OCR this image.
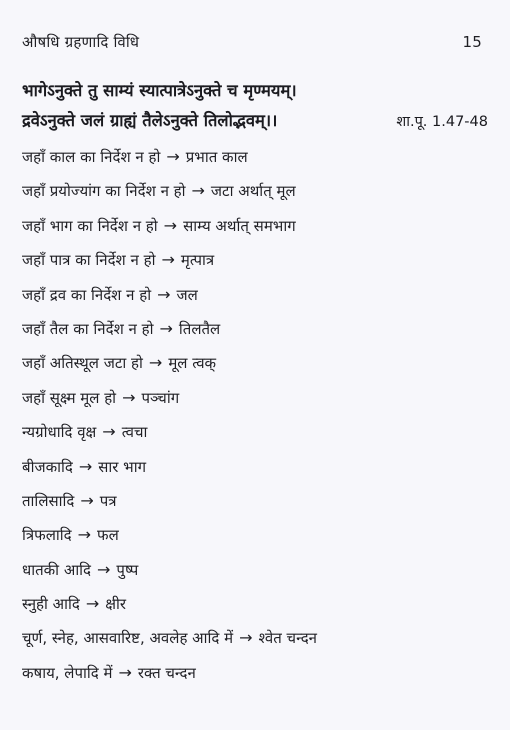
औषधि ग्रहणादि विधि	15
भागेऽनुक्ते तु साम्यं स्यात्पात्रेऽनुक्ते च मृण्मयम्।
द्रवेऽनुक्ते जलं ग्राह्यं तैलेऽनुक्ते तिलोद्भवम्।।	शा.पू. 1.47-48
जहाँ काल का निर्देश न हो → प्रभात काल
जहाँ प्रयोज्यांग का निर्देश न हो → जटा अर्थात् मूल
जहाँ भाग का निर्देश न हो → साम्य अर्थात् समभाग
जहाँ पात्र का निर्देश न हो → मृत्पात्र
जहाँ द्रव का निर्देश न हो → जल
जहाँ तैल का निर्देश न हो → तिलतैल
जहाँ अतिस्थूल जटा हो → मूल त्वक्
जहाँ सूक्ष्म मूल हो → पञ्चांग
न्यग्रोधादि वृक्ष → त्वचा
बीजकादि → सार भाग
तालिसादि → पत्र
त्रिफलादि → फल
धातकी आदि → पुष्प
स्नुही आदि → क्षीर
चूर्ण, स्नेह, आसवारिष्ट, अवलेह आदि में → श्वेत चन्दन
कषाय, लेपादि में → रक्त चन्दन
